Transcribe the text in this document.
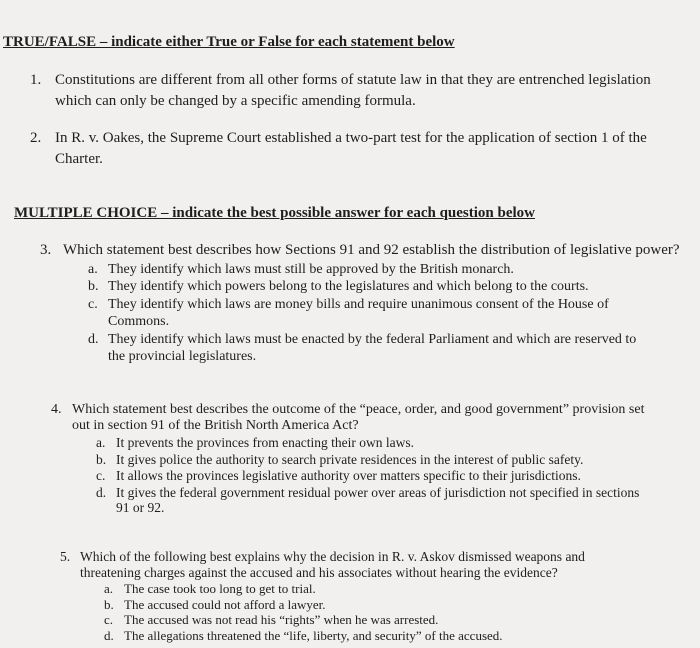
TRUE/FALSE – indicate either True or False for each statement below
MULTIPLE CHOICE – indicate the best possible answer for each question below
1. Constitutions are different from all other forms of statute law in that they are entrenched legislation
which can only be changed by a specific amending formula.
2. In R. v. Oakes, the Supreme Court established a two-part test for the application of section 1 of the
Charter.
3. Which statement best describes how Sections 91 and 92 establish the distribution of legislative power?
a. They identify which laws must still be approved by the British monarch.
b. They identify which powers belong to the legislatures and which belong to the courts.
c. They identify which laws are money bills and require unanimous consent of the House of
Commons.
d. They identify which laws must be enacted by the federal Parliament and which are reserved to
the provincial legislatures.
4. Which statement best describes the outcome of the “peace, order, and good government” provision set
out in section 91 of the British North America Act?
a. It prevents the provinces from enacting their own laws.
b. It gives police the authority to search private residences in the interest of public safety.
c. It allows the provinces legislative authority over matters specific to their jurisdictions.
d. It gives the federal government residual power over areas of jurisdiction not specified in sections
91 or 92.
5. Which of the following best explains why the decision in R. v. Askov dismissed weapons and
threatening charges against the accused and his associates without hearing the evidence?
a. The case took too long to get to trial.
b. The accused could not afford a lawyer.
c. The accused was not read his “rights” when he was arrested.
d. The allegations threatened the “life, liberty, and security” of the accused.
